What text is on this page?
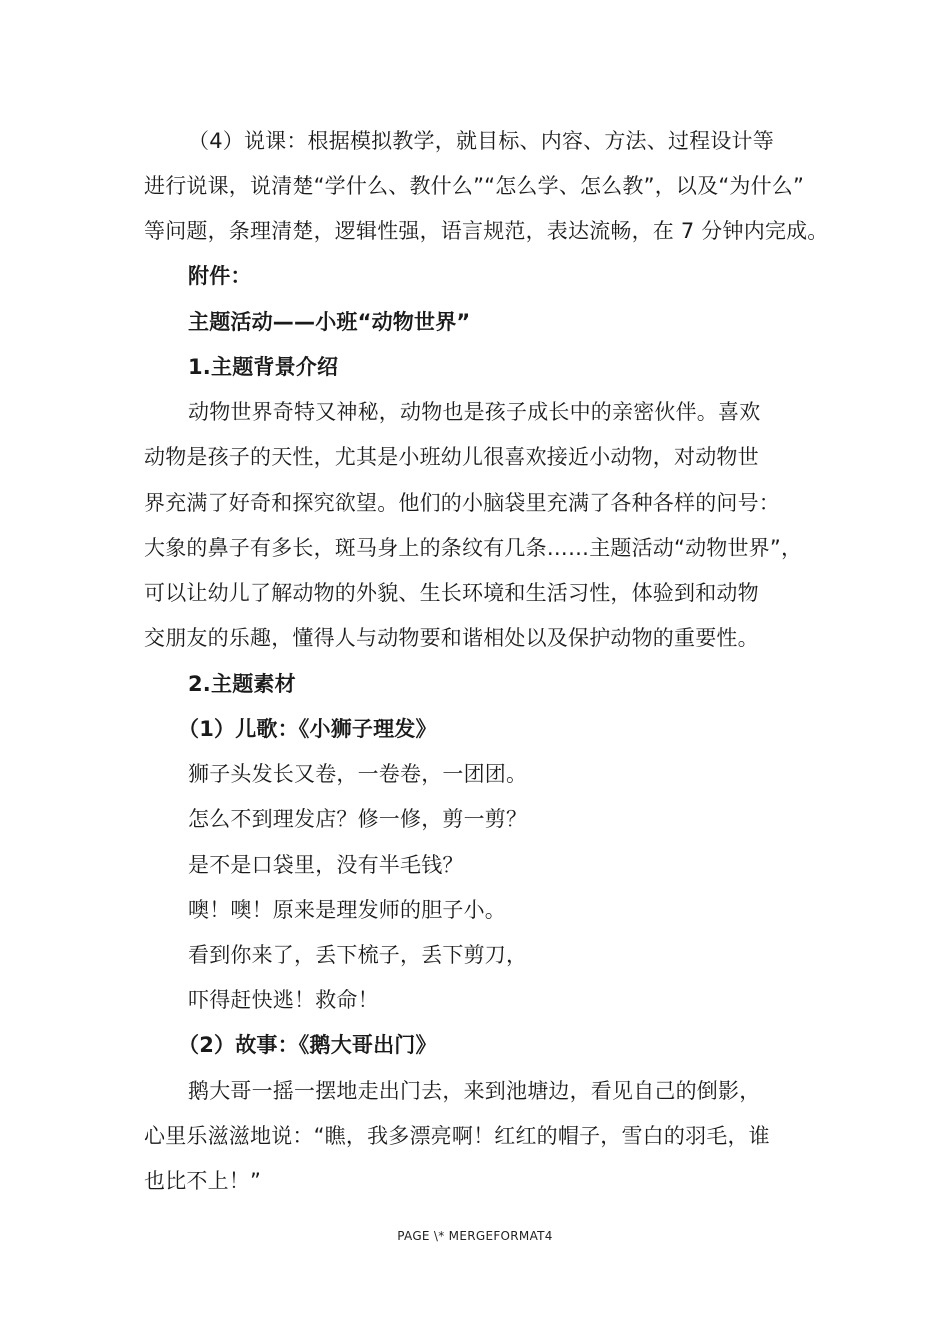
（4）说课：根据模拟教学，就目标、内容、方法、过程设计等
进行说课，说清楚“学什么、教什么”“怎么学、怎么教”，以及“为什么”
等问题，条理清楚，逻辑性强，语言规范，表达流畅，在 7 分钟内完成。
附件：
主题活动——小班“动物世界”
1.主题背景介绍
动物世界奇特又神秘，动物也是孩子成长中的亲密伙伴。喜欢
动物是孩子的天性，尤其是小班幼儿很喜欢接近小动物，对动物世
界充满了好奇和探究欲望。他们的小脑袋里充满了各种各样的问号：
大象的鼻子有多长，斑马身上的条纹有几条……主题活动“动物世界”，
可以让幼儿了解动物的外貌、生长环境和生活习性，体验到和动物
交朋友的乐趣，懂得人与动物要和谐相处以及保护动物的重要性。
2.主题素材
（1）儿歌：《小狮子理发》
狮子头发长又卷，一卷卷，一团团。
怎么不到理发店？修一修，剪一剪？
是不是口袋里，没有半毛钱？
噢！噢！原来是理发师的胆子小。
看到你来了，丢下梳子，丢下剪刀，
吓得赶快逃！救命！
（2）故事：《鹅大哥出门》
鹅大哥一摇一摆地走出门去，来到池塘边，看见自己的倒影，
心里乐滋滋地说：“瞧，我多漂亮啊！红红的帽子，雪白的羽毛，谁
也比不上！”
PAGE \* MERGEFORMAT4
